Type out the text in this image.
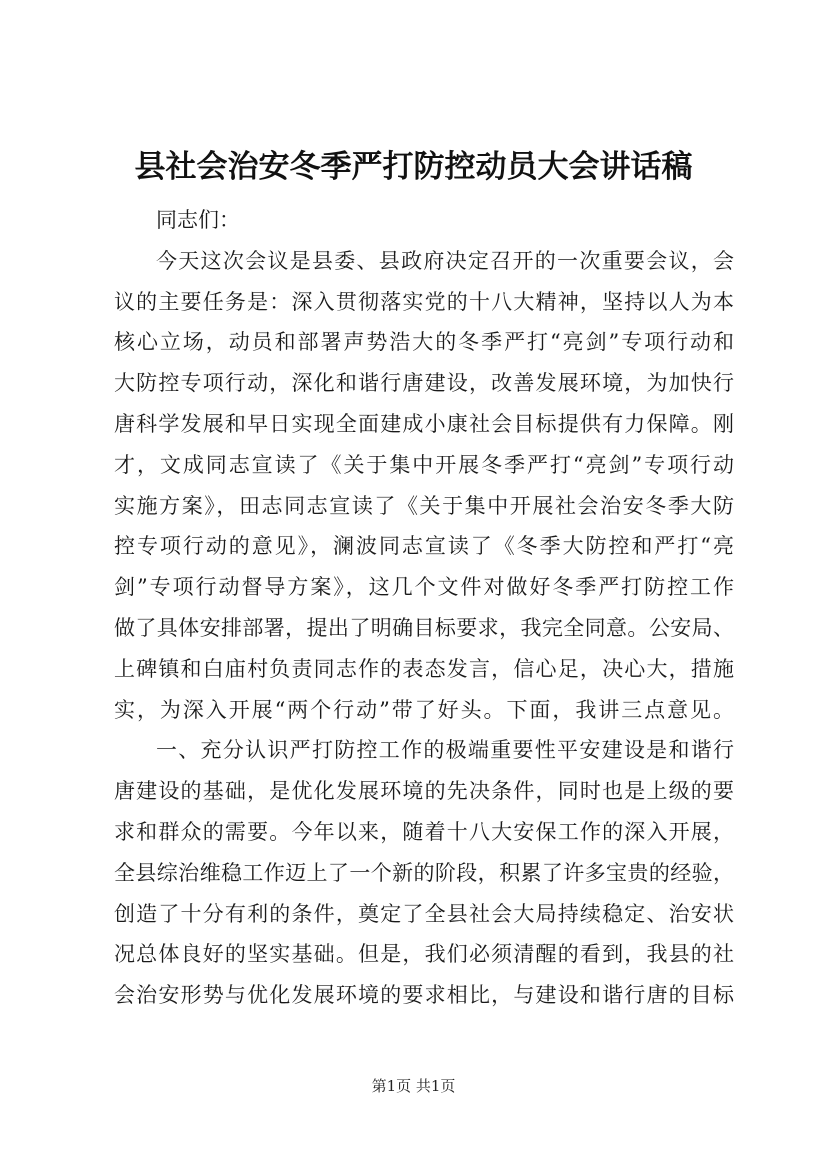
县社会治安冬季严打防控动员大会讲话稿
同志们：
今天这次会议是县委、县政府决定召开的一次重要会议，会
议的主要任务是：深入贯彻落实党的十八大精神，坚持以人为本
核心立场，动员和部署声势浩大的冬季严打“亮剑”专项行动和
大防控专项行动，深化和谐行唐建设，改善发展环境，为加快行
唐科学发展和早日实现全面建成小康社会目标提供有力保障。刚
才，文成同志宣读了《关于集中开展冬季严打“亮剑”专项行动
实施方案》，田志同志宣读了《关于集中开展社会治安冬季大防
控专项行动的意见》，澜波同志宣读了《冬季大防控和严打“亮
剑”专项行动督导方案》，这几个文件对做好冬季严打防控工作
做了具体安排部署，提出了明确目标要求，我完全同意。公安局、
上碑镇和白庙村负责同志作的表态发言，信心足，决心大，措施
实，为深入开展“两个行动”带了好头。下面，我讲三点意见。
一、充分认识严打防控工作的极端重要性平安建设是和谐行
唐建设的基础，是优化发展环境的先决条件，同时也是上级的要
求和群众的需要。今年以来，随着十八大安保工作的深入开展，
全县综治维稳工作迈上了一个新的阶段，积累了许多宝贵的经验，
创造了十分有利的条件，奠定了全县社会大局持续稳定、治安状
况总体良好的坚实基础。但是，我们必须清醒的看到，我县的社
会治安形势与优化发展环境的要求相比，与建设和谐行唐的目标
第1页 共1页
